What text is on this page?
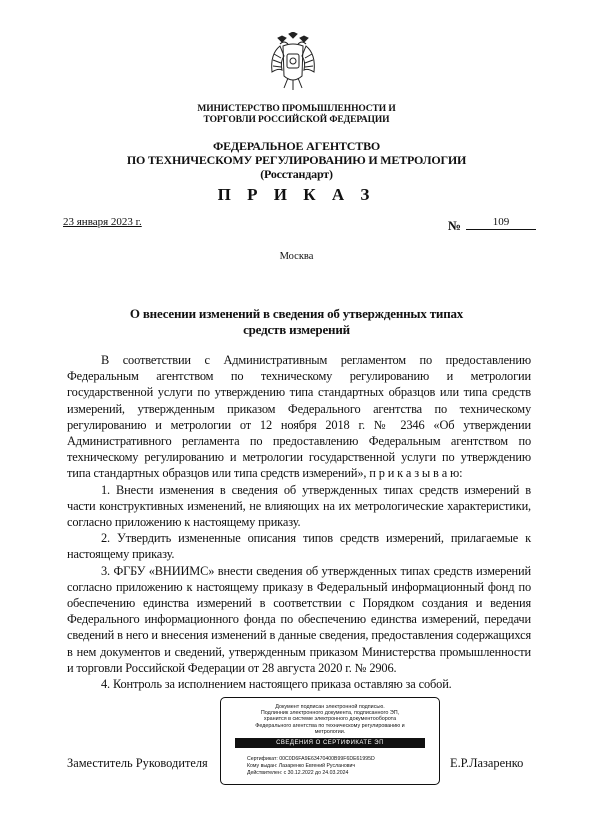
МИНИСТЕРСТВО ПРОМЫШЛЕННОСТИ И ТОРГОВЛИ РОССИЙСКОЙ ФЕДЕРАЦИИ
ФЕДЕРАЛЬНОЕ АГЕНТСТВО
ПО ТЕХНИЧЕСКОМУ РЕГУЛИРОВАНИЮ И МЕТРОЛОГИИ
(Росстандарт)
П Р И К А З
23 января 2023 г.	№	109
Москва
О внесении изменений в сведения об утвержденных типах
средств измерений

В соответствии с Административным регламентом по предоставлению Федеральным агентством по техническому регулированию и метрологии государственной услуги по утверждению типа стандартных образцов или типа средств измерений, утвержденным приказом Федерального агентства по техническому регулированию и метрологии от 12 ноября 2018 г. № 2346 «Об утверждении Административного регламента по предоставлению Федеральным агентством по техническому регулированию и метрологии государственной услуги по утверждению типа стандартных образцов или типа средств измерений», п р и к а з ы в а ю:

1. Внести изменения в сведения об утвержденных типах средств измерений в части конструктивных изменений, не влияющих на их метрологические характеристики, согласно приложению к настоящему приказу.

2. Утвердить измененные описания типов средств измерений, прилагаемые к настоящему приказу.

3. ФГБУ «ВНИИМС» внести сведения об утвержденных типах средств измерений согласно приложению к настоящему приказу в Федеральный информационный фонд по обеспечению единства измерений в соответствии с Порядком создания и ведения Федерального информационного фонда по обеспечению единства измерений, передачи сведений в него и внесения изменений в данные сведения, предоставления содержащихся в нем документов и сведений, утвержденным приказом Министерства промышленности и торговли Российской Федерации от 28 августа 2020 г. № 2906.

4. Контроль за исполнением настоящего приказа оставляю за собой.

Заместитель Руководителя	Е.Р.Лазаренко
Документ подписан электронной подписью.
Подлинник электронного документа, подписанного ЭП,
хранится в системе электронного документооборота
Федерального агентства по техническому регулированию и
метрологии.
СВЕДЕНИЯ О СЕРТИФИКАТЕ ЭП
Сертификат: 00C0D6FA9E63470400B99F6DE61995D
Кому выдан: Лазаренко Евгений Русланович
Действителен: с 30.12.2022 до 24.03.2024
